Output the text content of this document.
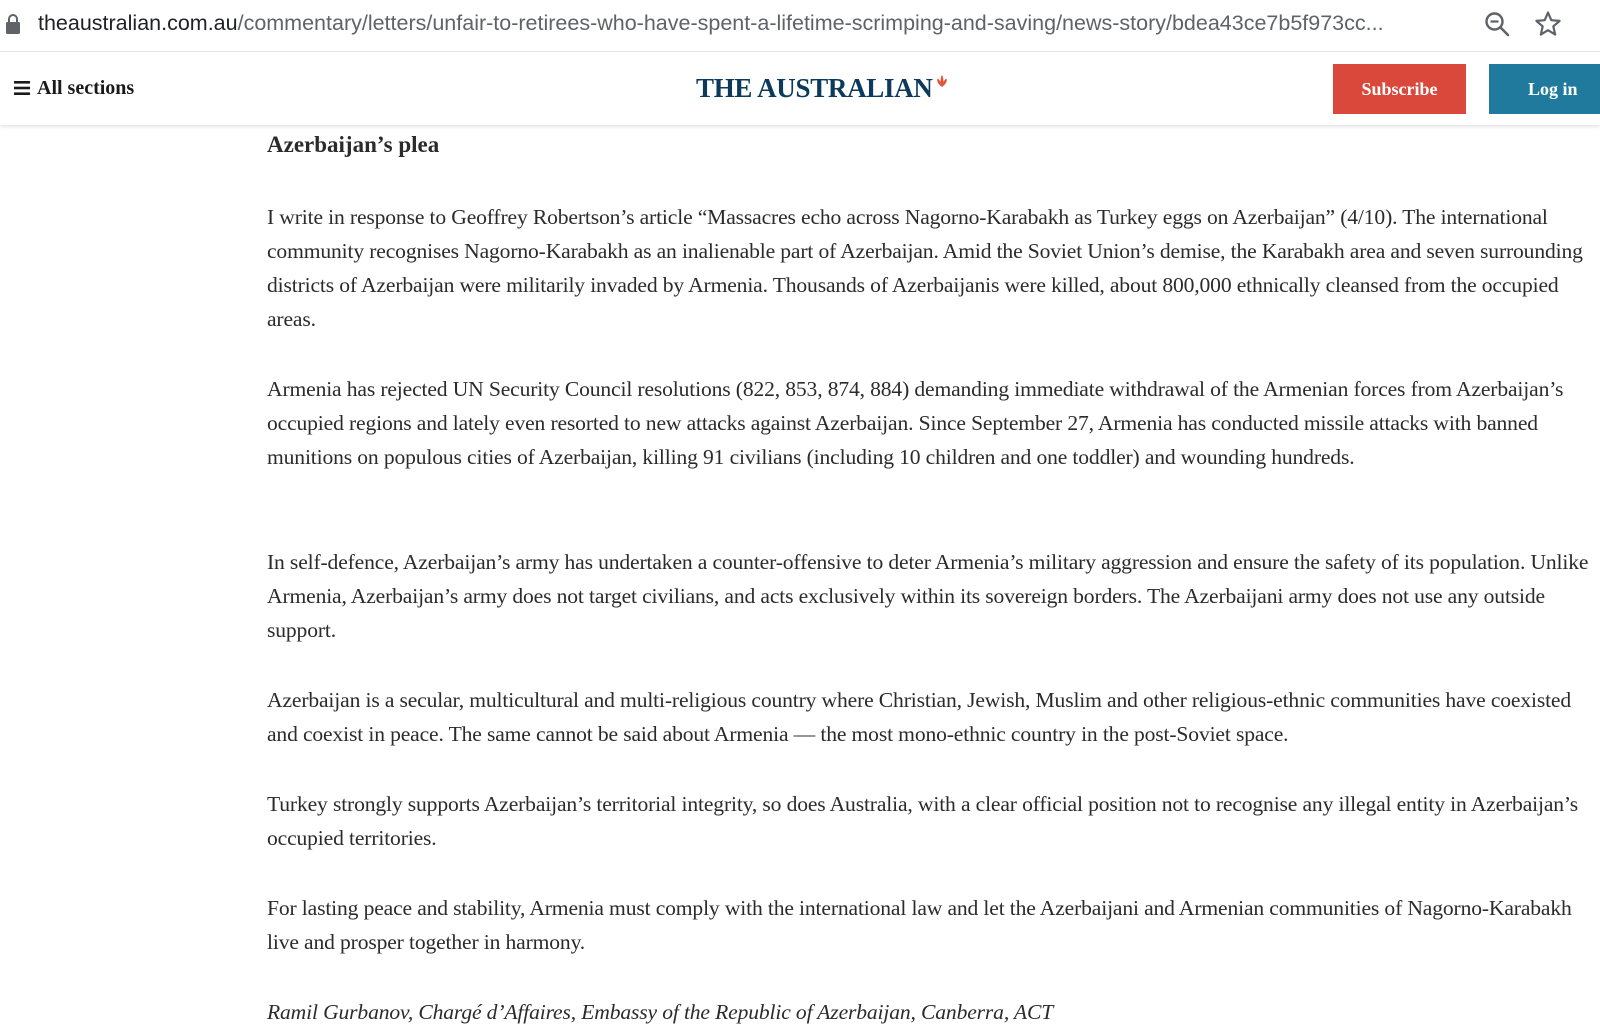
theaustralian.com.au/commentary/letters/unfair-to-retirees-who-have-spent-a-lifetime-scrimping-and-saving/news-story/bdea43ce7b5f973cc...
All sections	THE AUSTRALIAN	Subscribe	Log in
Azerbaijan’s plea

I write in response to Geoffrey Robertson’s article “Massacres echo across Nagorno-Karabakh as Turkey eggs on Azerbaijan” (4/10). The international community recognises Nagorno-Karabakh as an inalienable part of Azerbaijan. Amid the Soviet Union’s demise, the Karabakh area and seven surrounding districts of Azerbaijan were militarily invaded by Armenia. Thousands of Azerbaijanis were killed, about 800,000 ethnically cleansed from the occupied areas.

Armenia has rejected UN Security Council resolutions (822, 853, 874, 884) demanding immediate withdrawal of the Armenian forces from Azerbaijan’s occupied regions and lately even resorted to new attacks against Azerbaijan. Since September 27, Armenia has conducted missile attacks with banned munitions on populous cities of Azerbaijan, killing 91 civilians (including 10 children and one toddler) and wounding hundreds.

In self-defence, Azerbaijan’s army has undertaken a counter-offensive to deter Armenia’s military aggression and ensure the safety of its population. Unlike Armenia, Azerbaijan’s army does not target civilians, and acts exclusively within its sovereign borders. The Azerbaijani army does not use any outside support.

Azerbaijan is a secular, multicultural and multi-religious country where Christian, Jewish, Muslim and other religious-ethnic communities have coexisted and coexist in peace. The same cannot be said about Armenia — the most mono-ethnic country in the post-Soviet space.

Turkey strongly supports Azerbaijan’s territorial integrity, so does Australia, with a clear official position not to recognise any illegal entity in Azerbaijan’s occupied territories.

For lasting peace and stability, Armenia must comply with the international law and let the Azerbaijani and Armenian communities of Nagorno-Karabakh live and prosper together in harmony.

Ramil Gurbanov, Chargé d’Affaires, Embassy of the Republic of Azerbaijan, Canberra, ACT
